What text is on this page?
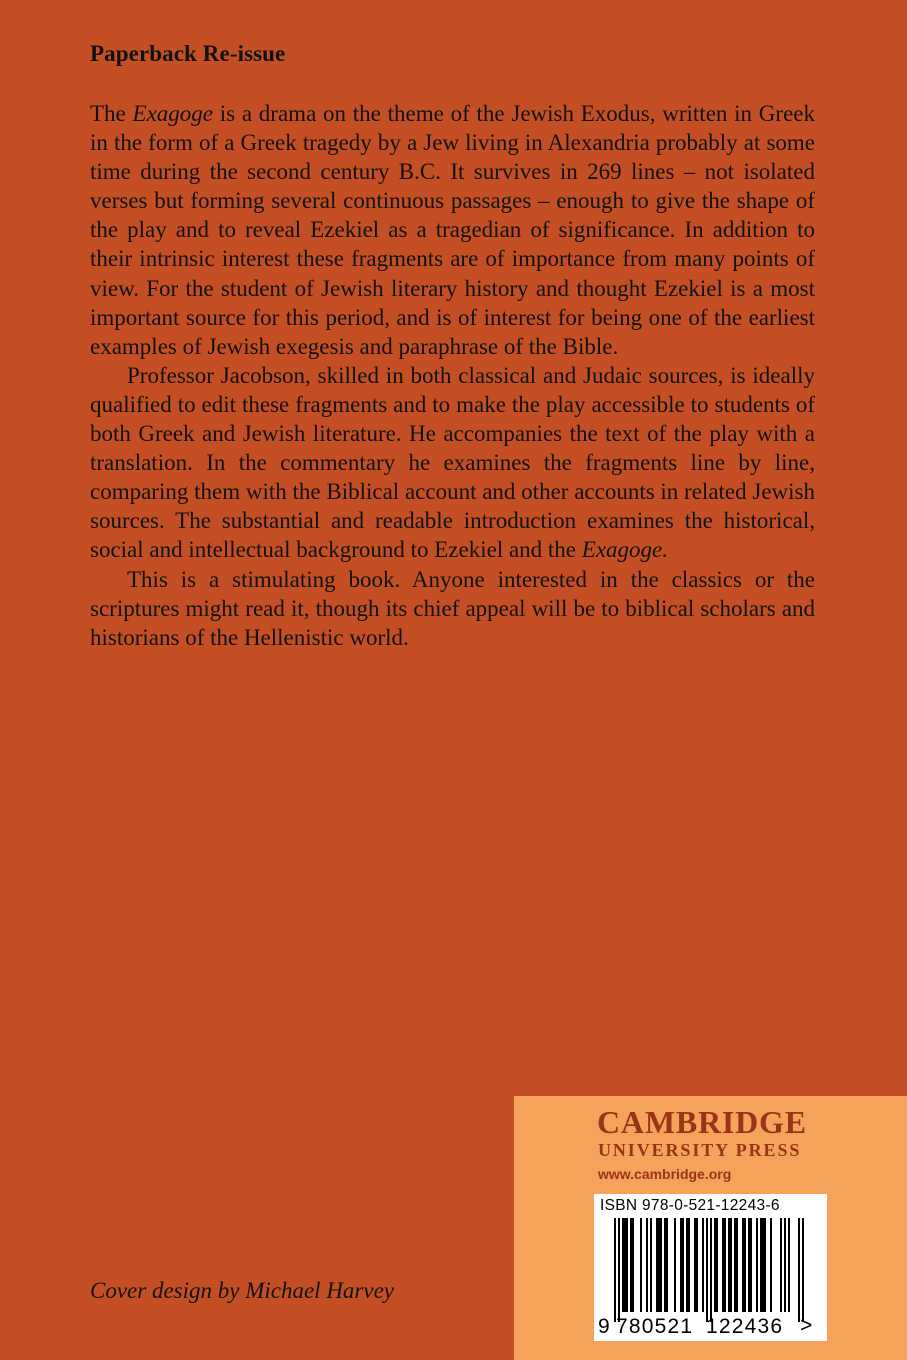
Paperback Re-issue

The Exagoge is a drama on the theme of the Jewish Exodus, written in Greek in the form of a Greek tragedy by a Jew living in Alexandria probably at some time during the second century B.C. It survives in 269 lines – not isolated verses but forming several continuous passages – enough to give the shape of the play and to reveal Ezekiel as a tragedian of significance. In addition to their intrinsic interest these fragments are of importance from many points of view. For the student of Jewish literary history and thought Ezekiel is a most important source for this period, and is of interest for being one of the earliest examples of Jewish exegesis and paraphrase of the Bible.

Professor Jacobson, skilled in both classical and Judaic sources, is ideally qualified to edit these fragments and to make the play accessible to students of both Greek and Jewish literature. He accompanies the text of the play with a translation. In the commentary he examines the fragments line by line, comparing them with the Biblical account and other accounts in related Jewish sources. The substantial and readable introduction examines the historical, social and intellectual background to Ezekiel and the Exagoge.

This is a stimulating book. Anyone interested in the classics or the scriptures might read it, though its chief appeal will be to biblical scholars and historians of the Hellenistic world.

Cover design by Michael Harvey
CAMBRIDGE
UNIVERSITY PRESS
www.cambridge.org
ISBN 978-0-521-12243-6
9 780521 122436 >
